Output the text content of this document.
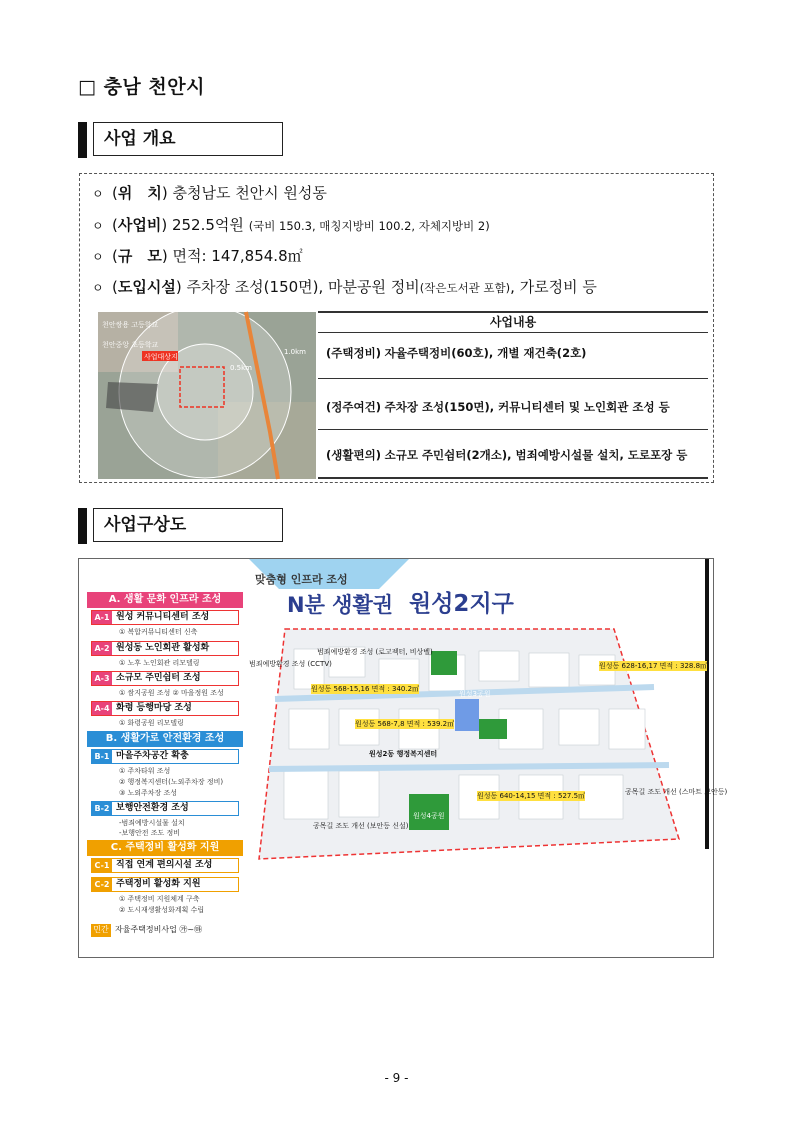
□ 충남 천안시
사업 개요
ㅇ (위　치) 충청남도 천안시 원성동
ㅇ (사업비) 252.5억원 (국비 150.3, 매칭지방비 100.2, 자체지방비 2)
ㅇ (규　모) 면적: 147,854.8㎡
ㅇ (도입시설) 주차장 조성(150면), 마분공원 정비(작은도서관 포함), 가로정비 등
사업대상지
1.0km
0.5km
천안쌍용 고등학교
천안중앙 초등학교
사업내용
(주택정비) 자율주택정비(60호), 개별 재건축(2호)
(정주여건) 주차장 조성(150면), 커뮤니티센터 및 노인회관 조성 등
(생활편의) 소규모 주민쉼터(2개소), 범죄예방시설물 설치, 도로포장 등
사업구상도
맞춤형 인프라 조성
N분 생활권 원성2지구
A. 생활 문화 인프라 조성
A-1 원성 커뮤니티센터 조성
① 복합커뮤니티센터 신축
A-2 원성동 노인회관 활성화
① 노후 노인회관 리모델링
A-3 소규모 주민쉼터 조성
① 쌈지공원 조성 ② 마을정원 조성
A-4 화령 등행마당 조성
① 화령공원 리모델링
B. 생활가로 안전환경 조성
B-1 마을주차공간 확충
① 주차타워 조성
② 행정복지센터(노외주차장 정비)
③ 노외주차장 조성
B-2 보행안전환경 조성
-범죄예방시설물 설치
-보행안전 조도 정비
C. 주택정비 활성화 지원
C-1 직접 연계 편의시설 조성
C-2 주택정비 활성화 지원
① 주택정비 지원체계 구축
② 도시재생활성화계획 수립
민간 자율주택정비사업 ㉮~㉲
범죄예방환경 조성 (CCTV)
범죄예방환경 조성 (로고젝터, 비상벨)
원성동 568-15,16 면적 : 340.2㎡
원성동 568-7,8 면적 : 539.2㎡
원성동 628-16,17 면적 : 328.8㎡
원성동 640-14,15 면적 : 527.5㎡
원성2동 행정복지센터
공목길 조도 개선 (보안등 신설)
공목길 조도 개선 (스마트 보안등)
원성3공원
원성4공원
- 9 -
